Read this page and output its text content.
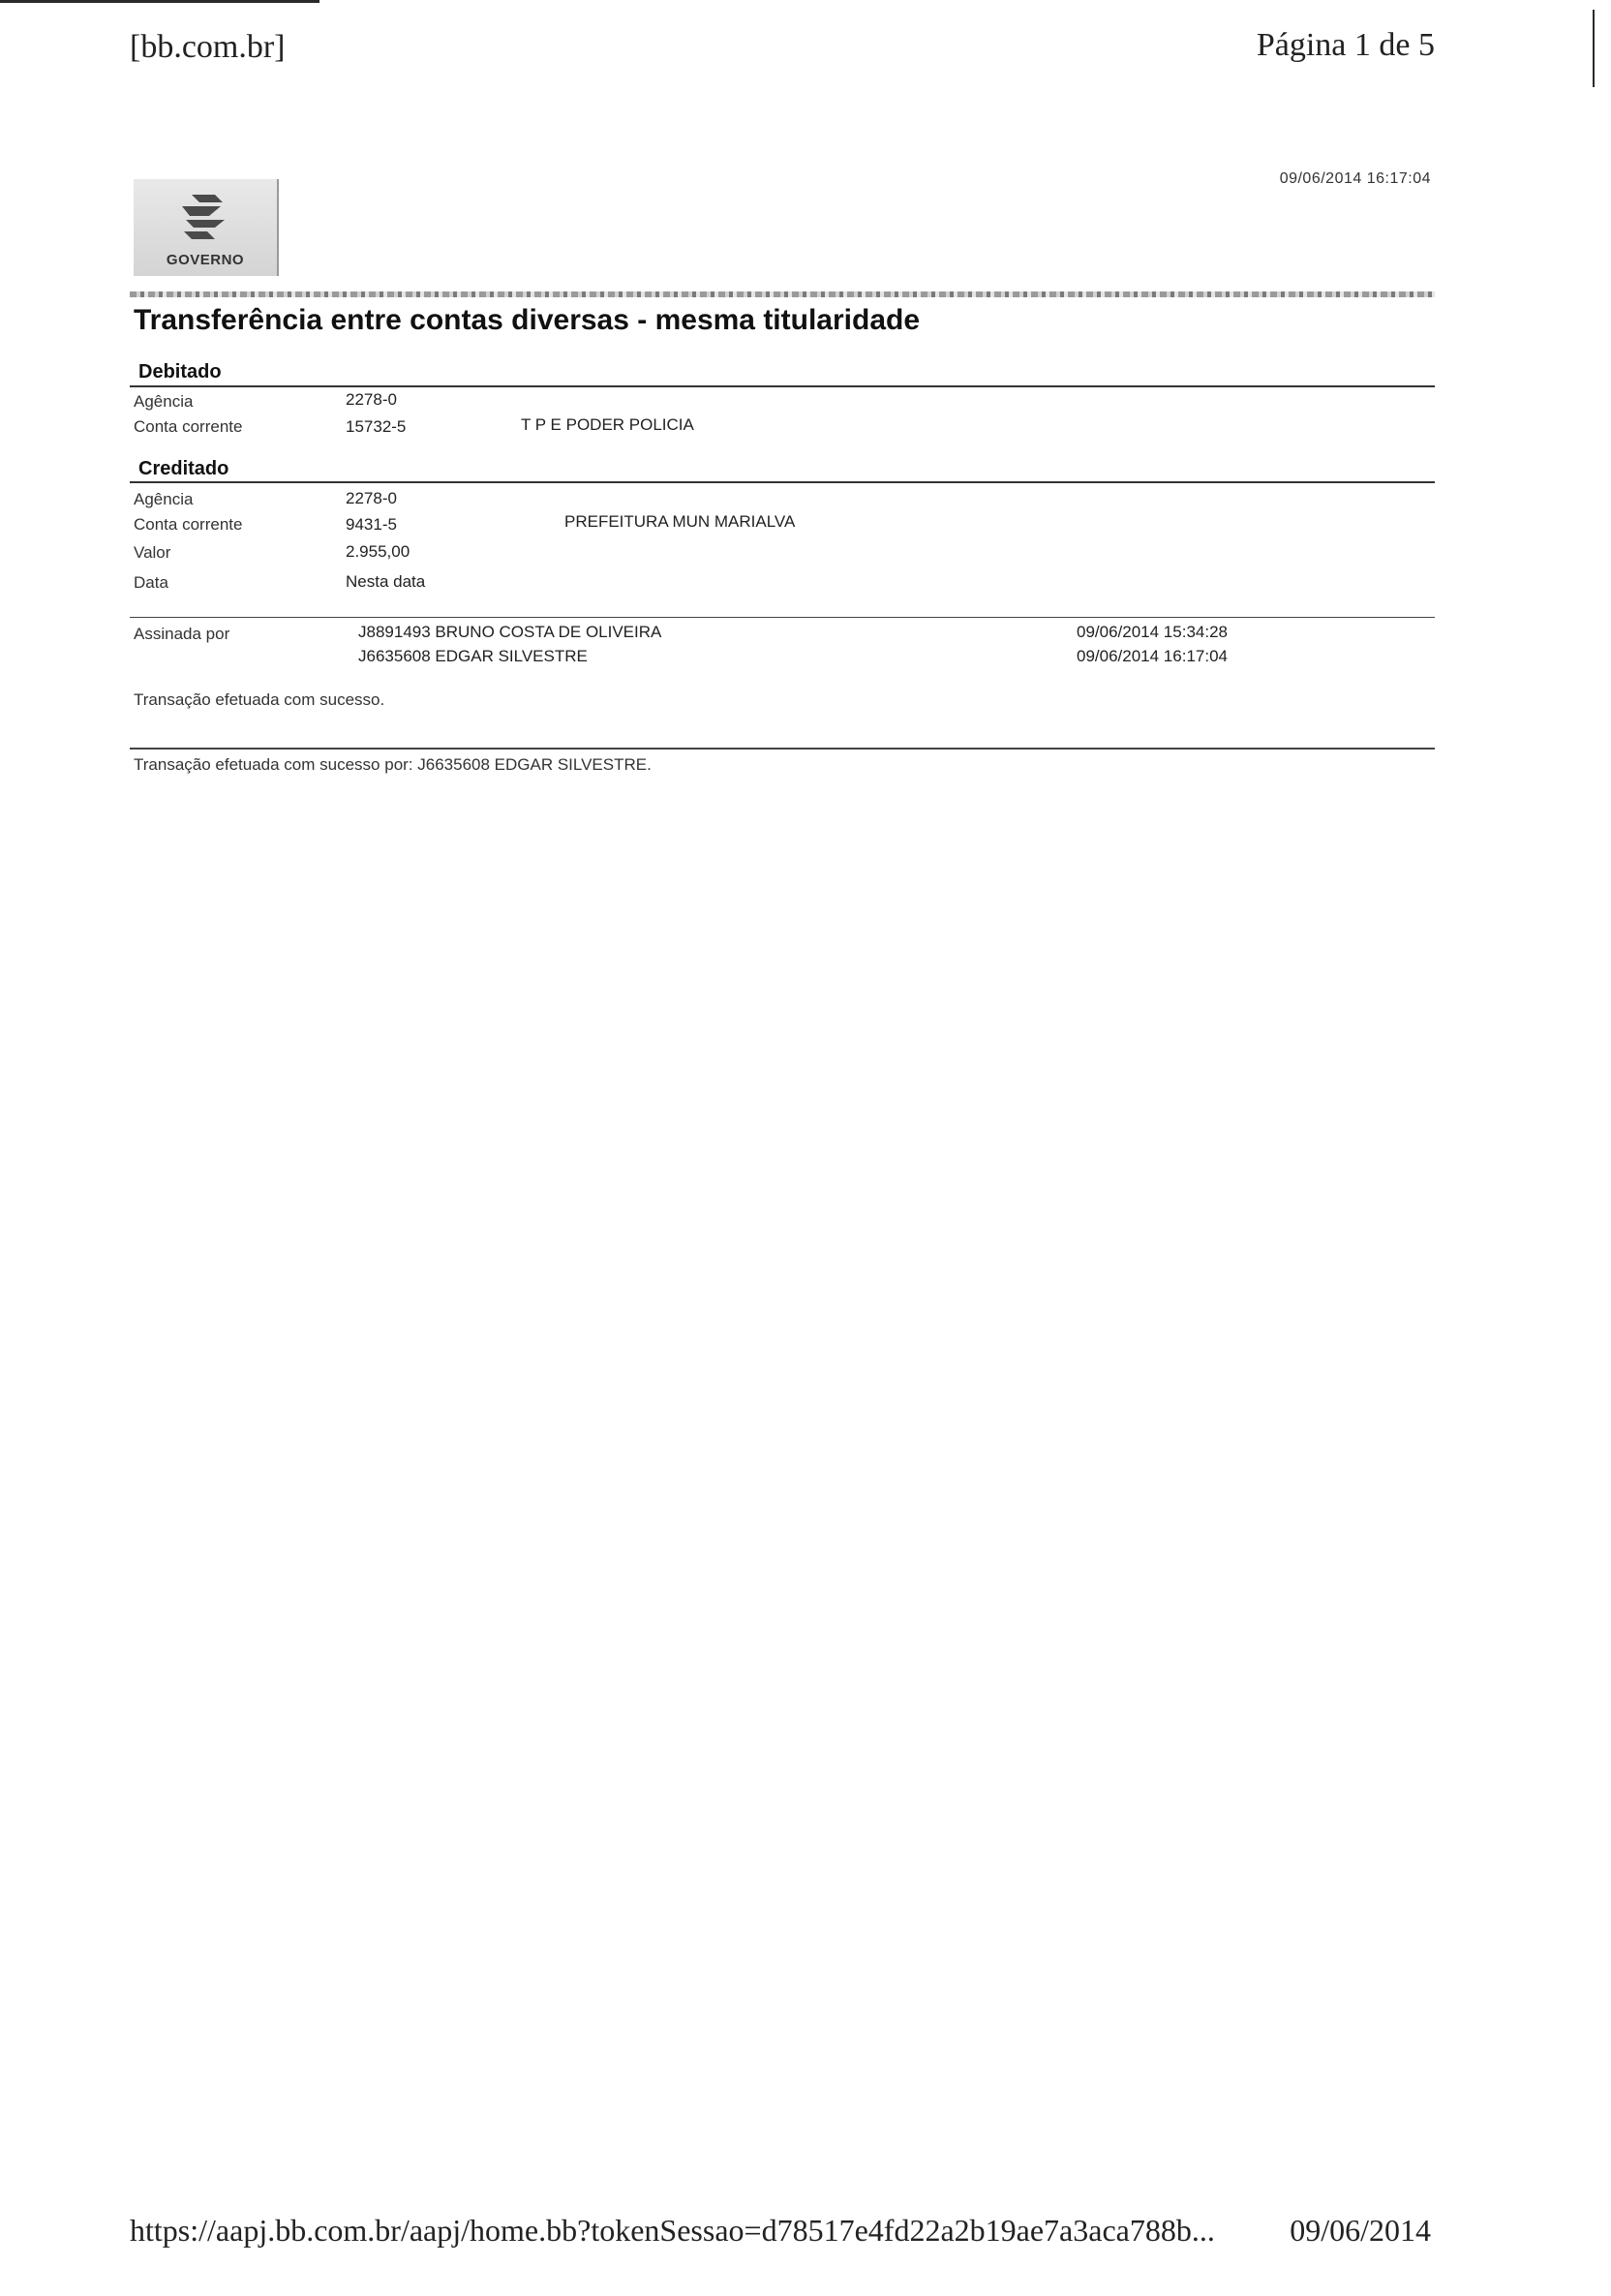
[bb.com.br]	Página 1 de 5
09/06/2014 16:17:04
GOVERNO
Transferência entre contas diversas - mesma titularidade
Debitado
Agência	2278-0
Conta corrente	15732-5	T P E PODER POLICIA
Creditado
Agência	2278-0
Conta corrente	9431-5	PREFEITURA MUN MARIALVA
Valor	2.955,00
Data	Nesta data
Assinada por	J8891493 BRUNO COSTA DE OLIVEIRA	09/06/2014 15:34:28
J6635608 EDGAR SILVESTRE	09/06/2014 16:17:04
Transação efetuada com sucesso.
Transação efetuada com sucesso por: J6635608 EDGAR SILVESTRE.
https://aapj.bb.com.br/aapj/home.bb?tokenSessao=d78517e4fd22a2b19ae7a3aca788b... 09/06/2014
